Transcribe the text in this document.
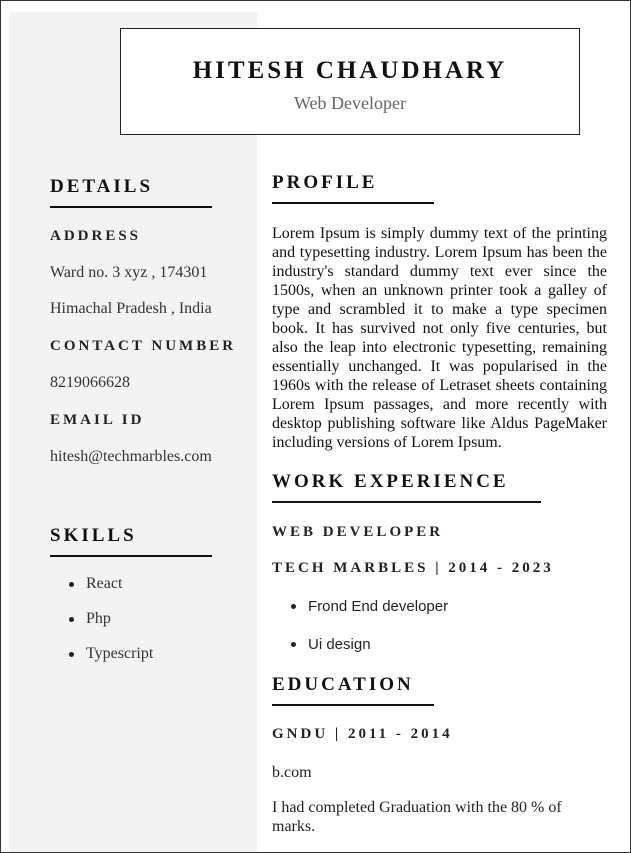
HITESH CHAUDHARY
Web Developer
DETAILS
ADDRESS
Ward no. 3 xyz , 174301
Himachal Pradesh , India
CONTACT NUMBER
8219066628
EMAIL ID
hitesh@techmarbles.com
SKILLS
React
Php
Typescript
PROFILE
Lorem Ipsum is simply dummy text of the printing and typesetting industry. Lorem Ipsum has been the industry's standard dummy text ever since the 1500s, when an unknown printer took a galley of type and scrambled it to make a type specimen book. It has survived not only five centuries, but also the leap into electronic typesetting, remaining essentially unchanged. It was popularised in the 1960s with the release of Letraset sheets containing Lorem Ipsum passages, and more recently with desktop publishing software like Aldus PageMaker including versions of Lorem Ipsum.
WORK EXPERIENCE
WEB DEVELOPER
TECH MARBLES | 2014 - 2023
Frond End developer
Ui design
EDUCATION
GNDU | 2011 - 2014
b.com
I had completed Graduation with the 80 % of marks.
